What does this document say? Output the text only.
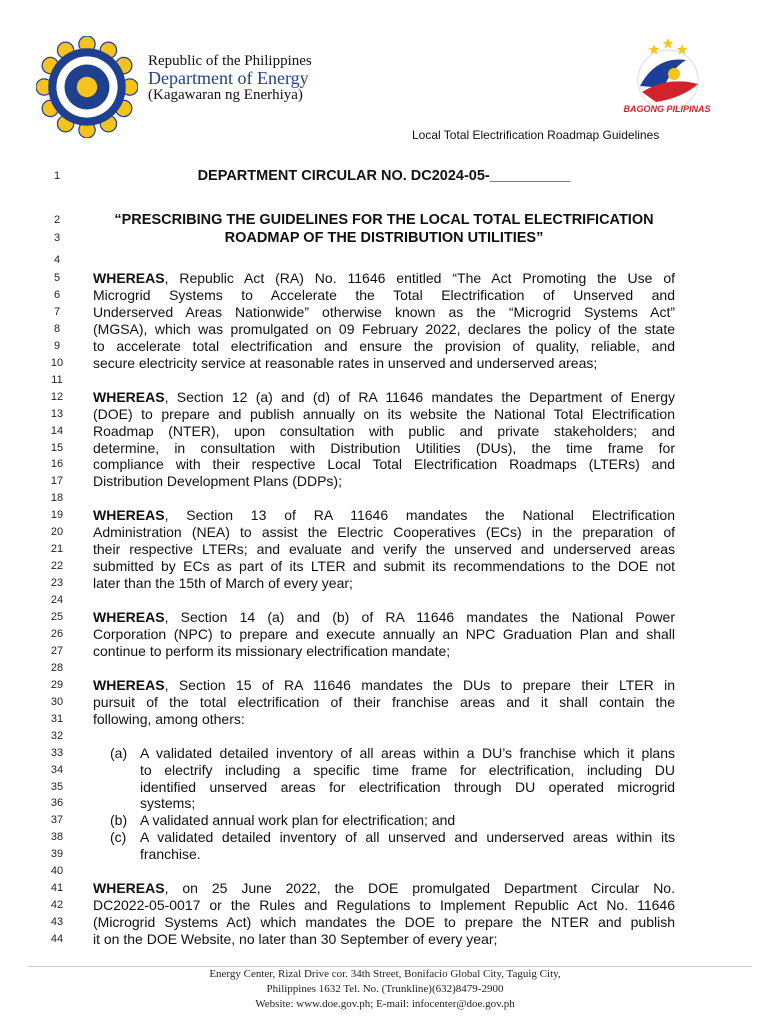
Republic of the Philippines
Department of Energy
(Kagawaran ng Enerhiya)
BAGONG PILIPINAS
Local Total Electrification Roadmap Guidelines
1	DEPARTMENT CIRCULAR NO. DC2024-05-__________
2	“PRESCRIBING THE GUIDELINES FOR THE LOCAL TOTAL ELECTRIFICATION
3	ROADMAP OF THE DISTRIBUTION UTILITIES”
4
5	WHEREAS, Republic Act (RA) No. 11646 entitled “The Act Promoting the Use of
6	Microgrid Systems to Accelerate the Total Electrification of Unserved and
7	Underserved Areas Nationwide” otherwise known as the “Microgrid Systems Act”
8	(MGSA), which was promulgated on 09 February 2022, declares the policy of the state
9	to accelerate total electrification and ensure the provision of quality, reliable, and
10	secure electricity service at reasonable rates in unserved and underserved areas;
11
12	WHEREAS, Section 12 (a) and (d) of RA 11646 mandates the Department of Energy
13	(DOE) to prepare and publish annually on its website the National Total Electrification
14	Roadmap (NTER), upon consultation with public and private stakeholders; and
15	determine, in consultation with Distribution Utilities (DUs), the time frame for
16	compliance with their respective Local Total Electrification Roadmaps (LTERs) and
17	Distribution Development Plans (DDPs);
18
19	WHEREAS, Section 13 of RA 11646 mandates the National Electrification
20	Administration (NEA) to assist the Electric Cooperatives (ECs) in the preparation of
21	their respective LTERs; and evaluate and verify the unserved and underserved areas
22	submitted by ECs as part of its LTER and submit its recommendations to the DOE not
23	later than the 15th of March of every year;
24
25	WHEREAS, Section 14 (a) and (b) of RA 11646 mandates the National Power
26	Corporation (NPC) to prepare and execute annually an NPC Graduation Plan and shall
27	continue to perform its missionary electrification mandate;
28
29	WHEREAS, Section 15 of RA 11646 mandates the DUs to prepare their LTER in
30	pursuit of the total electrification of their franchise areas and it shall contain the
31	following, among others:
32
33	(a) A validated detailed inventory of all areas within a DU’s franchise which it plans
34	to electrify including a specific time frame for electrification, including DU
35	identified unserved areas for electrification through DU operated microgrid
36	systems;
37	(b) A validated annual work plan for electrification; and
38	(c) A validated detailed inventory of all unserved and underserved areas within its
39	franchise.
40
41	WHEREAS, on 25 June 2022, the DOE promulgated Department Circular No.
42	DC2022-05-0017 or the Rules and Regulations to Implement Republic Act No. 11646
43	(Microgrid Systems Act) which mandates the DOE to prepare the NTER and publish
44	it on the DOE Website, no later than 30 September of every year;
Energy Center, Rizal Drive cor. 34th Street, Bonifacio Global City, Taguig City,
Philippines 1632 Tel. No. (Trunkline)(632)8479-2900
Website: www.doe.gov.ph; E-mail: infocenter@doe.gov.ph
